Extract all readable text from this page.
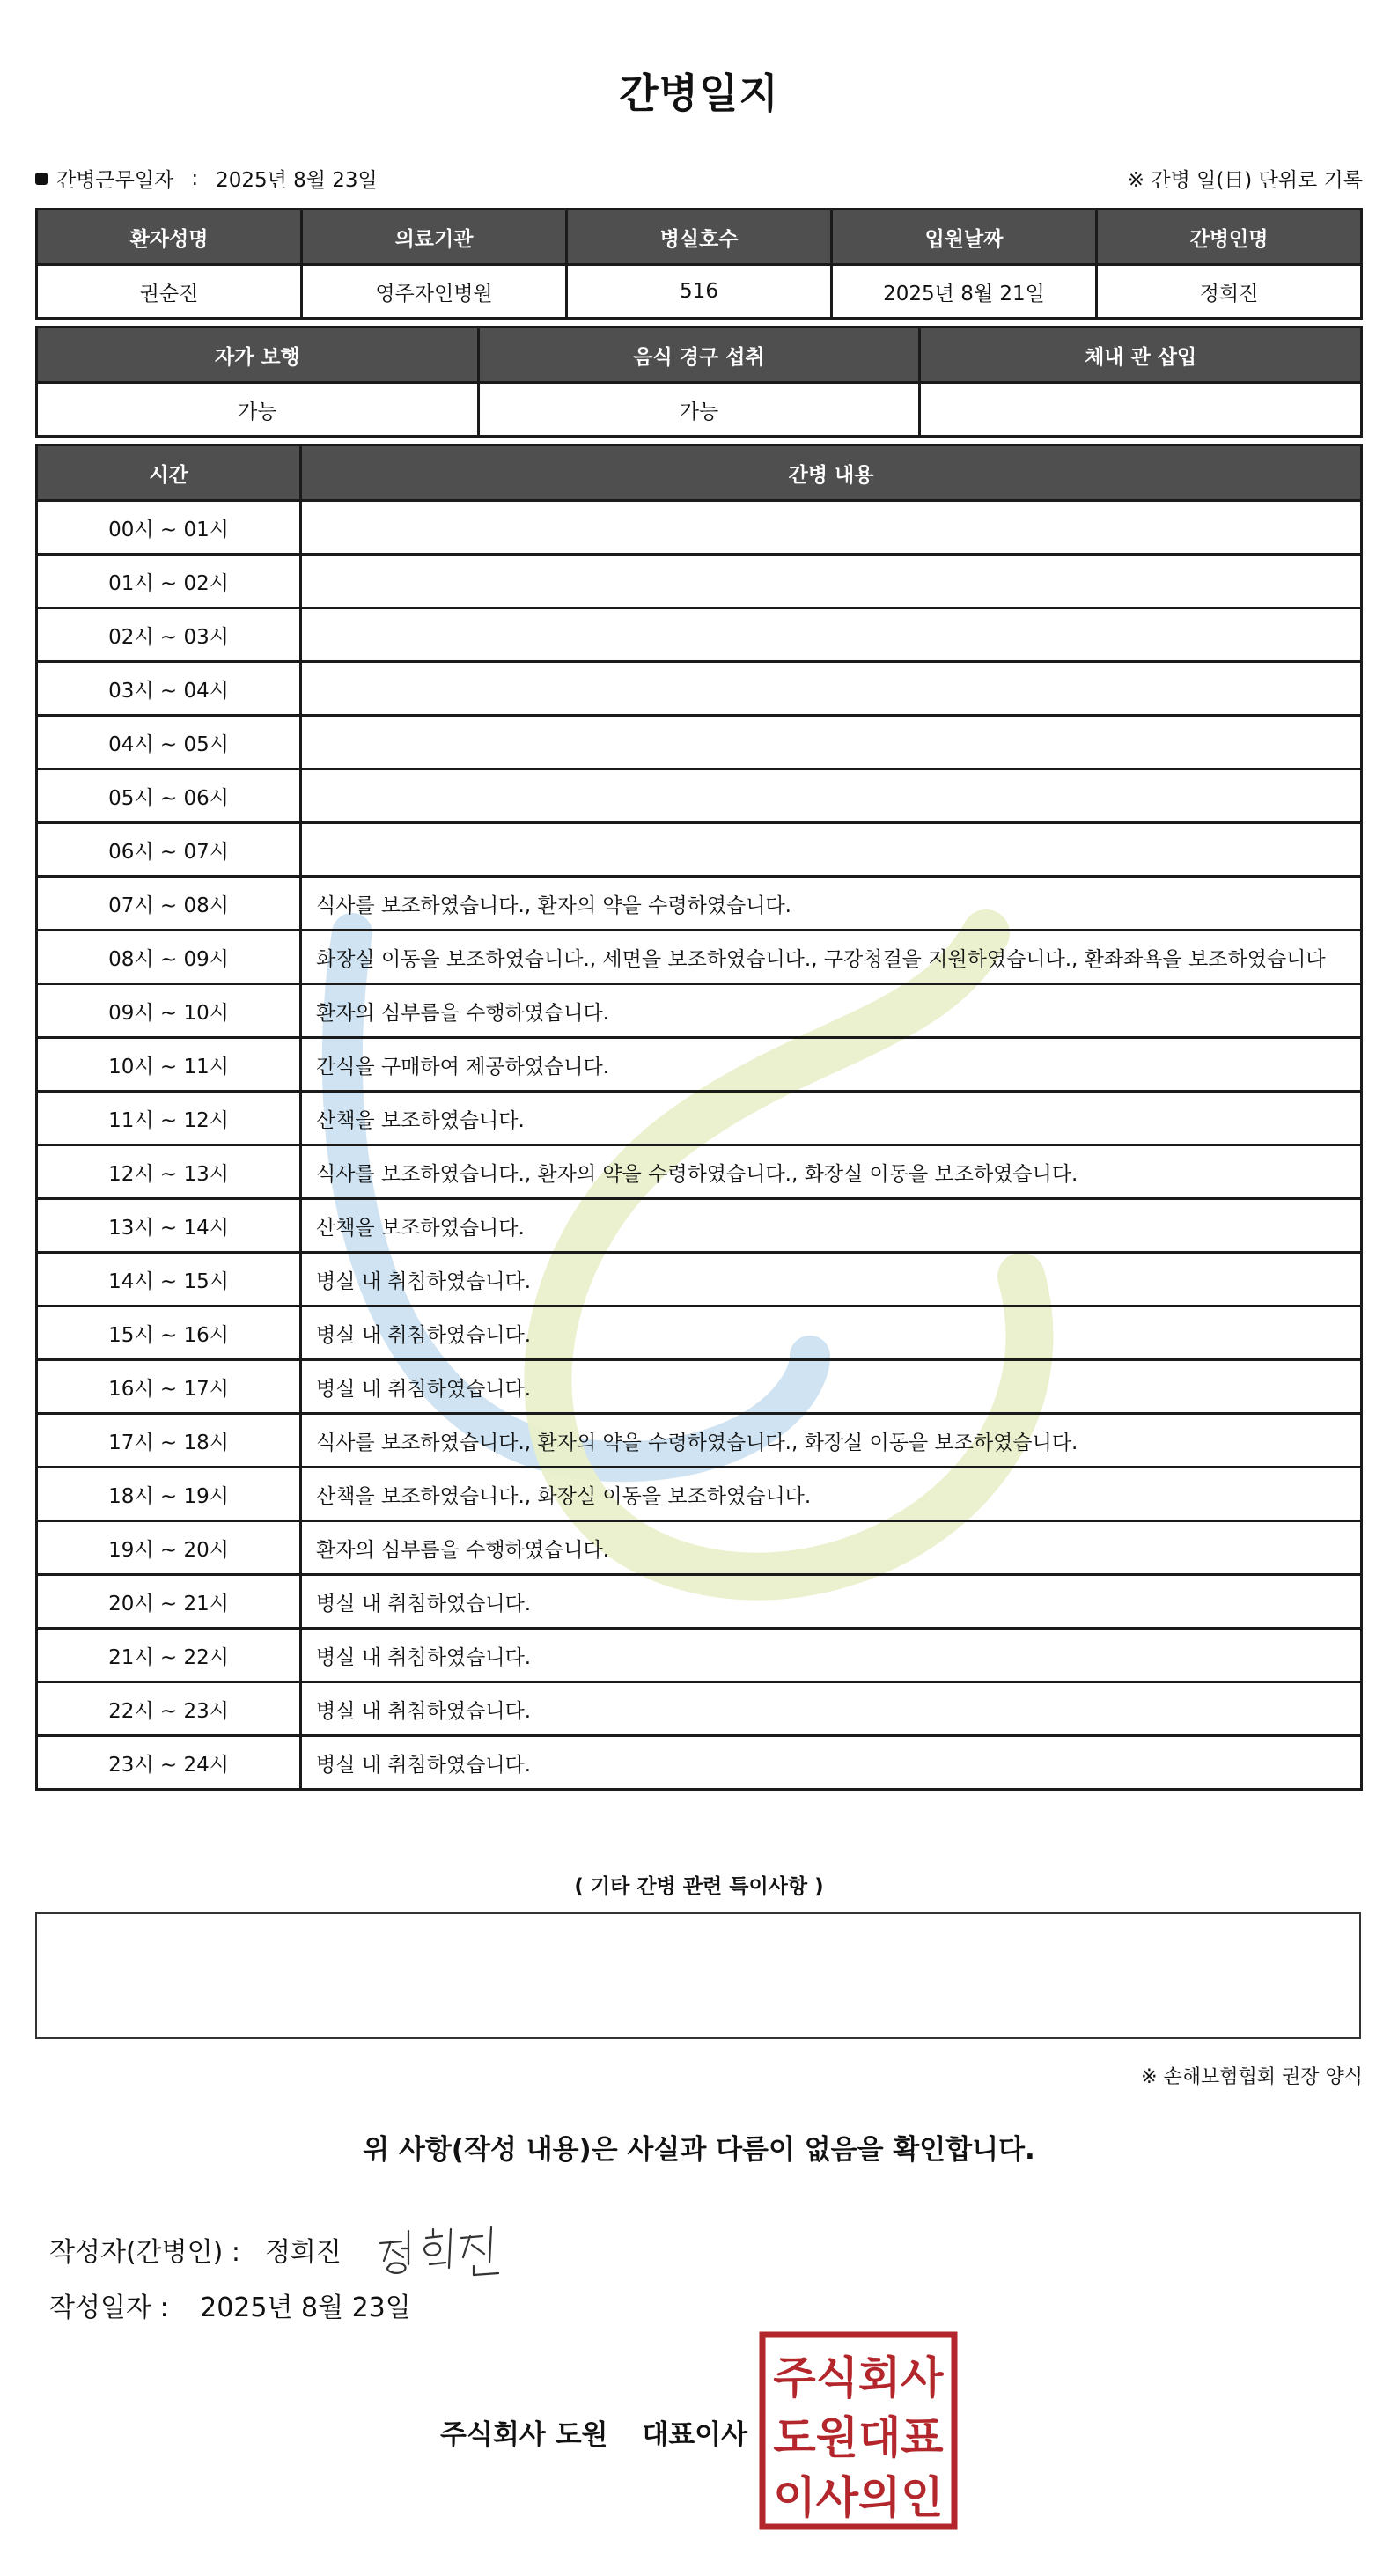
간병일지
간병근무일자 : 2025년 8월 23일	※ 간병 일(日) 단위로 기록
환자성명	의료기관	병실호수	입원날짜	간병인명
권순진	영주자인병원	516	2025년 8월 21일	정희진
자가 보행	음식 경구 섭취	체내 관 삽입
가능	가능	
시간	간병 내용
00시 ~ 01시	
01시 ~ 02시	
02시 ~ 03시	
03시 ~ 04시	
04시 ~ 05시	
05시 ~ 06시	
06시 ~ 07시	
07시 ~ 08시	식사를 보조하였습니다., 환자의 약을 수령하였습니다.
08시 ~ 09시	화장실 이동을 보조하였습니다., 세면을 보조하였습니다., 구강청결을 지원하였습니다., 환좌좌욕을 보조하였습니다
09시 ~ 10시	환자의 심부름을 수행하였습니다.
10시 ~ 11시	간식을 구매하여 제공하였습니다.
11시 ~ 12시	산책을 보조하였습니다.
12시 ~ 13시	식사를 보조하였습니다., 환자의 약을 수령하였습니다., 화장실 이동을 보조하였습니다.
13시 ~ 14시	산책을 보조하였습니다.
14시 ~ 15시	병실 내 취침하였습니다.
15시 ~ 16시	병실 내 취침하였습니다.
16시 ~ 17시	병실 내 취침하였습니다.
17시 ~ 18시	식사를 보조하였습니다., 환자의 약을 수령하였습니다., 화장실 이동을 보조하였습니다.
18시 ~ 19시	산책을 보조하였습니다., 화장실 이동을 보조하였습니다.
19시 ~ 20시	환자의 심부름을 수행하였습니다.
20시 ~ 21시	병실 내 취침하였습니다.
21시 ~ 22시	병실 내 취침하였습니다.
22시 ~ 23시	병실 내 취침하였습니다.
23시 ~ 24시	병실 내 취침하였습니다.
( 기타 간병 관련 특이사항 )
※ 손해보험협회 권장 양식
위 사항(작성 내용)은 사실과 다름이 없음을 확인합니다.
작성자(간병인) : 정희진
작성일자 : 2025년 8월 23일
주식회사 도원 대표이사
주식회사
도원대표
이사의인
